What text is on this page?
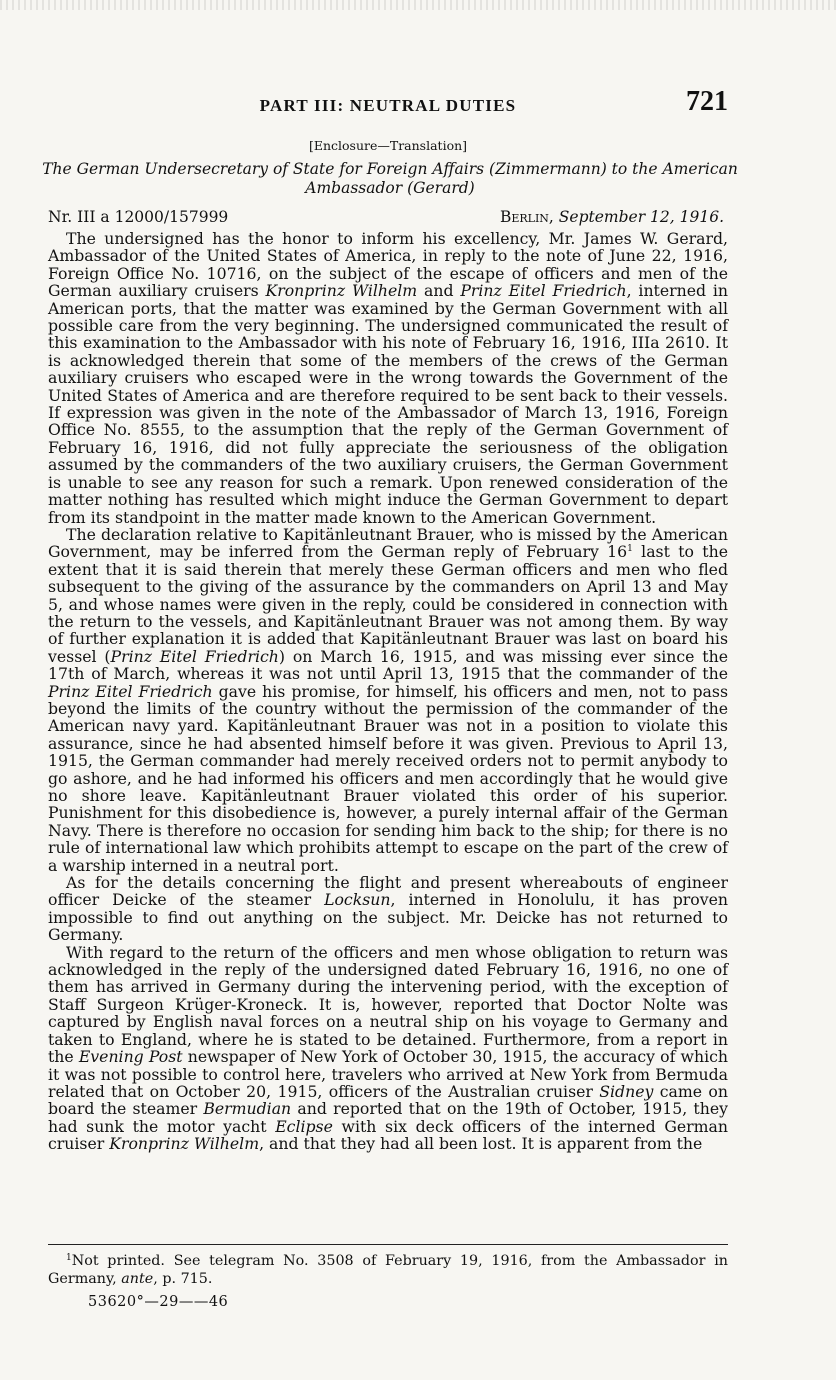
PART III: NEUTRAL DUTIES	721
[Enclosure—Translation]
The German Undersecretary of State for Foreign Affairs (Zimmermann) to the American Ambassador (Gerard)
Nr. III a 12000/157999	Berlin, September 12, 1916.

The undersigned has the honor to inform his excellency, Mr. James W. Gerard, Ambassador of the United States of America, in reply to the note of June 22, 1916, Foreign Office No. 10716, on the subject of the escape of officers and men of the German auxiliary cruisers Kronprinz Wilhelm and Prinz Eitel Friedrich, interned in American ports, that the matter was examined by the German Government with all possible care from the very beginning. The undersigned communicated the result of this examination to the Ambassador with his note of February 16, 1916, IIIa 2610. It is acknowledged therein that some of the members of the crews of the German auxiliary cruisers who escaped were in the wrong towards the Government of the United States of America and are therefore required to be sent back to their vessels. If expression was given in the note of the Ambassador of March 13, 1916, Foreign Office No. 8555, to the assumption that the reply of the German Government of February 16, 1916, did not fully appreciate the seriousness of the obligation assumed by the commanders of the two auxiliary cruisers, the German Government is unable to see any reason for such a remark. Upon renewed consideration of the matter nothing has resulted which might induce the German Government to depart from its standpoint in the matter made known to the American Government.

The declaration relative to Kapitänleutnant Brauer, who is missed by the American Government, may be inferred from the German reply of February $16^1$ last to the extent that it is said therein that merely these German officers and men who fled subsequent to the giving of the assurance by the commanders on April 13 and May 5, and whose names were given in the reply, could be considered in connection with the return to the vessels, and Kapitänleutnant Brauer was not among them. By way of further explanation it is added that Kapitänleutnant Brauer was last on board his vessel (Prinz Eitel Friedrich) on March 16, 1915, and was missing ever since the 17th of March, whereas it was not until April 13, 1915 that the commander of the Prinz Eitel Friedrich gave his promise, for himself, his officers and men, not to pass beyond the limits of the country without the permission of the commander of the American navy yard. Kapitänleutnant Brauer was not in a position to violate this assurance, since he had absented himself before it was given. Previous to April 13, 1915, the German commander had merely received orders not to permit anybody to go ashore, and he had informed his officers and men accordingly that he would give no shore leave. Kapitänleutnant Brauer violated this order of his superior. Punishment for this disobedience is, however, a purely internal affair of the German Navy. There is therefore no occasion for sending him back to the ship; for there is no rule of international law which prohibits attempt to escape on the part of the crew of a warship interned in a neutral port.

As for the details concerning the flight and present whereabouts of engineer officer Deicke of the steamer Locksun, interned in Honolulu, it has proven impossible to find out anything on the subject. Mr. Deicke has not returned to Germany.

With regard to the return of the officers and men whose obligation to return was acknowledged in the reply of the undersigned dated February 16, 1916, no one of them has arrived in Germany during the intervening period, with the exception of Staff Surgeon Krüger-Kroneck. It is, however, reported that Doctor Nolte was captured by English naval forces on a neutral ship on his voyage to Germany and taken to England, where he is stated to be detained. Furthermore, from a report in the Evening Post newspaper of New York of October 30, 1915, the accuracy of which it was not possible to control here, travelers who arrived at New York from Bermuda related that on October 20, 1915, officers of the Australian cruiser Sidney came on board the steamer Bermudian and reported that on the 19th of October, 1915, they had sunk the motor yacht Eclipse with six deck officers of the interned German cruiser Kronprinz Wilhelm, and that they had all been lost. It is apparent from the

$^1$Not printed. See telegram No. 3508 of February 19, 1916, from the Ambassador in Germany, ante, p. 715.
53620°—29——46
